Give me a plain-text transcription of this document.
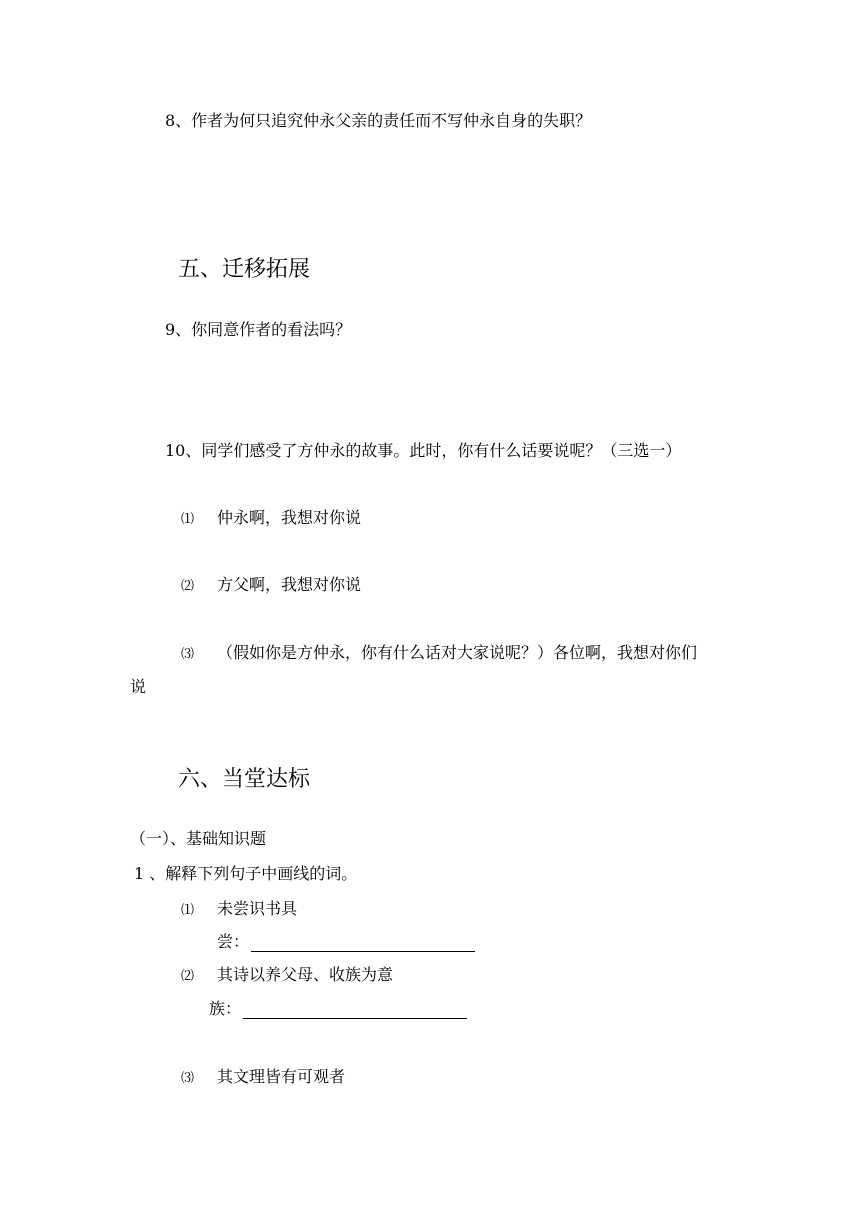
8、作者为何只追究仲永父亲的责任而不写仲永自身的失职？
五、迁移拓展
9、你同意作者的看法吗？
10、同学们感受了方仲永的故事。此时，你有什么话要说呢？（三选一）
⑴ 仲永啊，我想对你说
⑵ 方父啊，我想对你说
⑶ （假如你是方仲永，你有什么话对大家说呢？）各位啊，我想对你们
说
六、当堂达标
（一）、基础知识题
1 、解释下列句子中画线的词。
⑴ 未尝识书具
尝：
⑵ 其诗以养父母、收族为意
族：
⑶ 其文理皆有可观者
